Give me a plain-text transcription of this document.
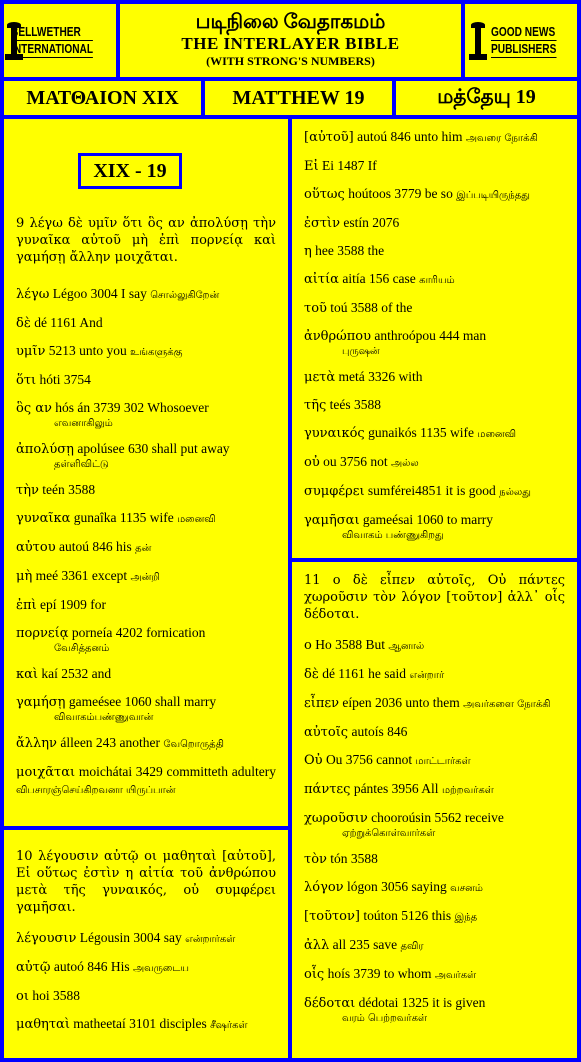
BELLWETHER
INTERNATIONAL
படிநிலை வேதாகமம்
THE INTERLAYER BIBLE
(WITH STRONG'S NUMBERS)
GOOD NEWS
PUBLISHERS
ΜΑΤΘΑΙΟΝ XIX	MATTHEW 19	மத்தேயு 19
XIX - 19
9 λέγω δὲ υμῖν ὅτι ὃς αν ἀπολύσῃ τὴν γυναῖκα αὐτοῦ μὴ ἐπὶ πορνείᾳ καὶ γαμήσῃ ἄλλην μοιχᾶται.
λέγω Légoo 3004 I say சொல்லுகிறேன்
δὲ dé 1161 And
υμῖν 5213 unto you உங்களுக்கு
ὅτι hóti 3754
ὃς αν hós án 3739 302 Whosoever
எவனாகிலும்
ἀπολύσῃ apolúsee 630 shall put away
தள்ளிவிட்டு
τὴν teén 3588
γυναῖκα gunaîka 1135 wife மனைவி
αὐτου autoú 846 his தன்
μὴ meé 3361 except அன்றி
ἐπὶ epí 1909 for
πορνείᾳ porneía 4202 fornication
வேசித்தனம்
καὶ kaí 2532 and
γαμήσῃ gameésee 1060 shall marry
விவாகம்பண்ணுவான்
ἄλλην álleen 243 another வேறொருத்தி
μοιχᾶται moichátai 3429 committeth adultery விபசாரஞ்செய்கிறவனா யிருப்பான்
10 λέγουσιν αὐτῷ οι μαθηταὶ [αὐτοῦ], Εἰ οὕτως ἐστὶν η αἰτία τοῦ ἀνθρώπου μετὰ τῆς γυναικός, οὐ συμφέρει γαμῆσαι.
λέγουσιν Légousin 3004 say என்றார்கள்
αὐτῷ autoó 846 His அவருடைய
οι hoi 3588
μαθηταὶ matheetaí 3101 disciples சீஷர்கள்
[αὐτοῦ] autoú 846 unto him அவரை நோக்கி
Εἰ Ei 1487 If
οὕτως hoútoos 3779 be so இப்படியிருந்தது
ἐστὶν estín 2076
η hee 3588 the
αἰτία aitía 156 case காரியம்
τοῦ toú 3588 of the
ἀνθρώπου anthroópou 444 man
புருஷன்
μετὰ metá 3326 with
τῆς teés 3588
γυναικός gunaikós 1135 wife மனைவி
οὐ ou 3756 not அல்ல
συμφέρει sumférei4851 it is good நல்லது
γαμῆσαι gameésai 1060 to marry
விவாகம் பண்ணுகிறது
11 ο δὲ εἶπεν αὐτοῖς, Οὐ πάντες χωροῦσιν τὸν λόγον [τοῦτον] ἀλλ᾽ οἷς δέδοται.
ο Ho 3588 But ஆனால்
δὲ dé 1161 he said என்றார்
εἶπεν eípen 2036 unto them அவர்களை நோக்கி
αὐτοῖς autoís 846
Οὐ Ou 3756 cannot மாட்டார்கள்
πάντες pántes 3956 All மற்றவர்கள்
χωροῦσιν chooroúsin 5562 receive
ஏற்றுக்கொள்வார்கள்
τὸν tón 3588
λόγον lógon 3056 saying வசனம்
[τοῦτον] toúton 5126 this இந்த
ἀλλ all 235 save தவிர
οἷς hoís 3739 to whom அவர்கள்
δέδοται dédotai 1325 it is given
வரம் பெற்றவர்கள்
